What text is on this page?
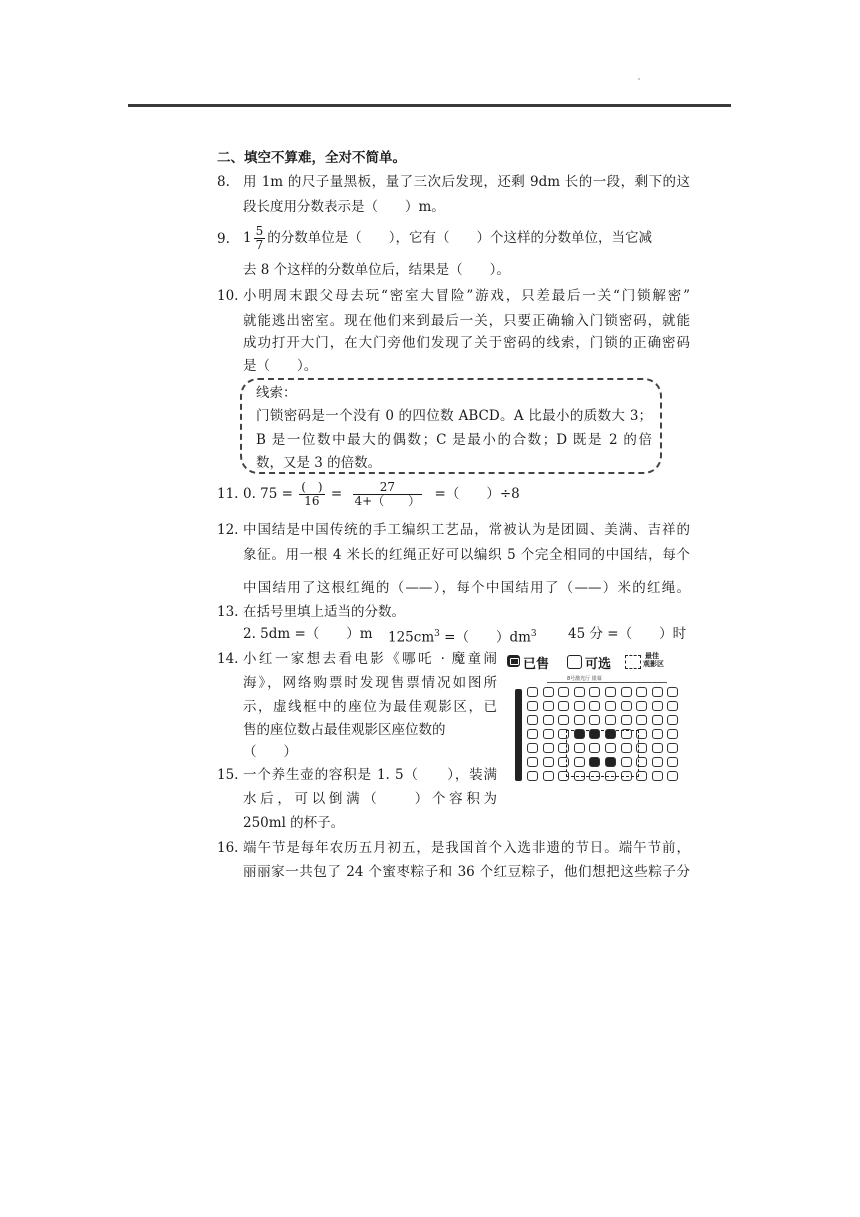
二、填空不算难，全对不简单。
8. 用 1m 的尺子量黑板，量了三次后发现，还剩 9dm 长的一段，剩下的这
段长度用分数表示是（　　）m。
9. $1 \frac{5}{7}$ 的分数单位是（　　），它有（　　）个这样的分数单位，当它减
去 8 个这样的分数单位后，结果是（　　）。
10. 小明周末跟父母去玩“密室大冒险”游戏，只差最后一关“门锁解密”
就能逃出密室。现在他们来到最后一关，只要正确输入门锁密码，就能
成功打开大门，在大门旁他们发现了关于密码的线索，门锁的正确密码
是（　　）。
线索：
门锁密码是一个没有 0 的四位数 ABCD。A 比最小的质数大 3；
B 是一位数中最大的偶数；C 是最小的合数；D 既是 2 的倍
数，又是 3 的倍数。
11. 0. $75 = \frac{( )}{16} = \frac{27}{4+( )}$ =（　　）÷8
12. 中国结是中国传统的手工编织工艺品，常被认为是团圆、美满、吉祥的
象征。用一根 4 米长的红绳正好可以编织 5 个完全相同的中国结，每个
中国结用了这根红绳的（——），每个中国结用了（——）米的红绳。
13. 在括号里填上适当的分数。
2. 5dm =（　　）m $125cm^3$ =（　　）$dm^3$ 45 分 =（　　）时
14. 小红一家想去看电影《哪吒 · 魔童闹
海》，网络购票时发现售票情况如图所
示，虚线框中的座位为最佳观影区，已
售的座位数占最佳观影区座位数的
（　　）
已售	可选
最佳
观影区
8号激光厅 银幕
15. 一个养生壶的容积是 1. 5（　　），装满
水后，可以倒满（　　）个容积为
250ml 的杯子。
16. 端午节是每年农历五月初五，是我国首个入选非遗的节日。端午节前，
丽丽家一共包了 24 个蜜枣粽子和 36 个红豆粽子，他们想把这些粽子分
